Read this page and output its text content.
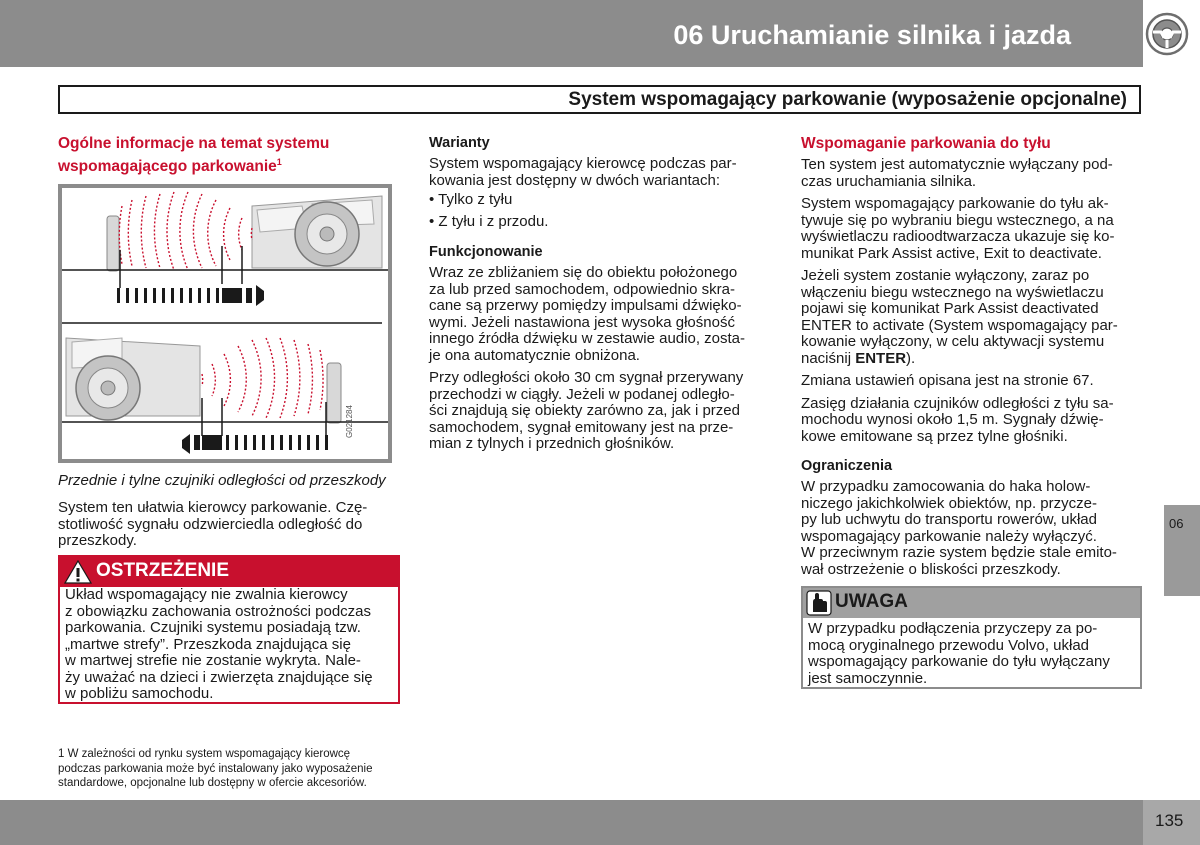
06 Uruchamianie silnika i jazda
System wspomagający parkowanie (wyposażenie opcjonalne)
Ogólne informacje na temat systemu
wspomagającego parkowanie$^1$
G021284
Przednie i tylne czujniki odległości od przeszkody

System ten ułatwia kierowcy parkowanie. Czę-
stotliwość sygnału odzwierciedla odległość do
przeszkody.

OSTRZEŻENIE
Układ wspomagający nie zwalnia kierowcy
z obowiązku zachowania ostrożności podczas
parkowania. Czujniki systemu posiadają tzw.
„martwe strefy”. Przeszkoda znajdująca się
w martwej strefie nie zostanie wykryta. Nale-
ży uważać na dzieci i zwierzęta znajdujące się
w pobliżu samochodu.
1 W zależności od rynku system wspomagający kierowcę
podczas parkowania może być instalowany jako wyposażenie
standardowe, opcjonalne lub dostępny w ofercie akcesoriów.
Warianty

System wspomagający kierowcę podczas par-
kowania jest dostępny w dwóch wariantach:

• Tylko z tyłu
• Z tyłu i z przodu.
Funkcjonowanie

Wraz ze zbliżaniem się do obiektu położonego
za lub przed samochodem, odpowiednio skra-
cane są przerwy pomiędzy impulsami dźwięko-
wymi. Jeżeli nastawiona jest wysoka głośność
innego źródła dźwięku w zestawie audio, zosta-
je ona automatycznie obniżona.

Przy odległości około 30 cm sygnał przerywany
przechodzi w ciągły. Jeżeli w podanej odległo-
ści znajdują się obiekty zarówno za, jak i przed
samochodem, sygnał emitowany jest na prze-
mian z tylnych i przednich głośników.

Wspomaganie parkowania do tyłu

Ten system jest automatycznie wyłączany pod-
czas uruchamiania silnika.

System wspomagający parkowanie do tyłu ak-
tywuje się po wybraniu biegu wstecznego, a na
wyświetlaczu radioodtwarzacza ukazuje się ko-
munikat Park Assist active, Exit to deactivate.

Jeżeli system zostanie wyłączony, zaraz po
włączeniu biegu wstecznego na wyświetlaczu
pojawi się komunikat Park Assist deactivated
ENTER to activate (System wspomagający par-
kowanie wyłączony, w celu aktywacji systemu
naciśnij ENTER).

Zmiana ustawień opisana jest na stronie 67.

Zasięg działania czujników odległości z tyłu sa-
mochodu wynosi około 1,5 m. Sygnały dźwię-
kowe emitowane są przez tylne głośniki.

Ograniczenia

W przypadku zamocowania do haka holow-
niczego jakichkolwiek obiektów, np. przycze-
py lub uchwytu do transportu rowerów, układ
wspomagający parkowanie należy wyłączyć.
W przeciwnym razie system będzie stale emito-
wał ostrzeżenie o bliskości przeszkody.

UWAGA
W przypadku podłączenia przyczepy za po-
mocą oryginalnego przewodu Volvo, układ
wspomagający parkowanie do tyłu wyłączany
jest samoczynnie.
06
135
